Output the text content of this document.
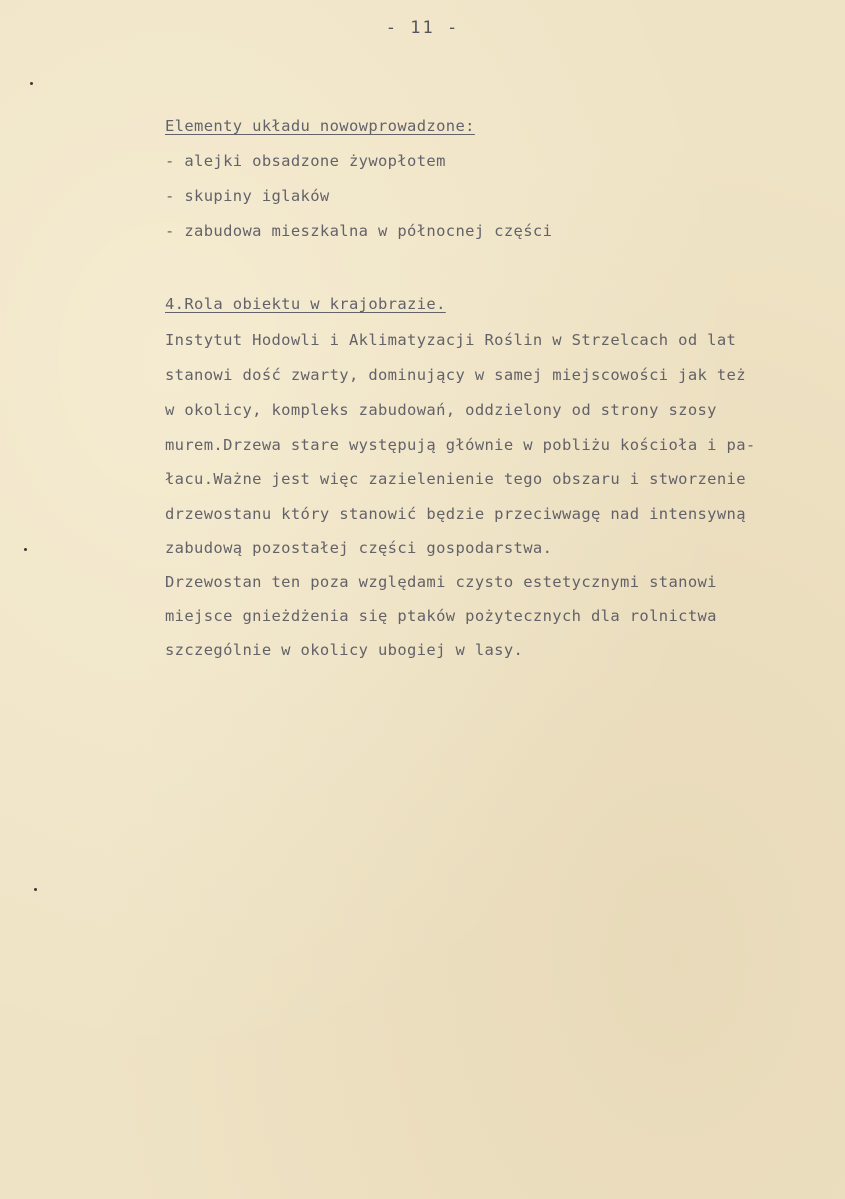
- 11 -
Elementy układu nowowprowadzone:
- alejki obsadzone żywopłotem
- skupiny iglaków
- zabudowa mieszkalna w północnej części
4.Rola obiektu w krajobrazie.
Instytut Hodowli i Aklimatyzacji Roślin w Strzelcach od lat
stanowi dość zwarty, dominujący w samej miejscowości jak też
w okolicy, kompleks zabudowań, oddzielony od strony szosy
murem.Drzewa stare występują głównie w pobliżu kościoła i pa-
łacu.Ważne jest więc zazielenienie tego obszaru i stworzenie
drzewostanu który stanowić będzie przeciwwagę nad intensywną
zabudową pozostałej części gospodarstwa.
Drzewostan ten poza względami czysto estetycznymi stanowi
miejsce gnieżdżenia się ptaków pożytecznych dla rolnictwa
szczególnie w okolicy ubogiej w lasy.
